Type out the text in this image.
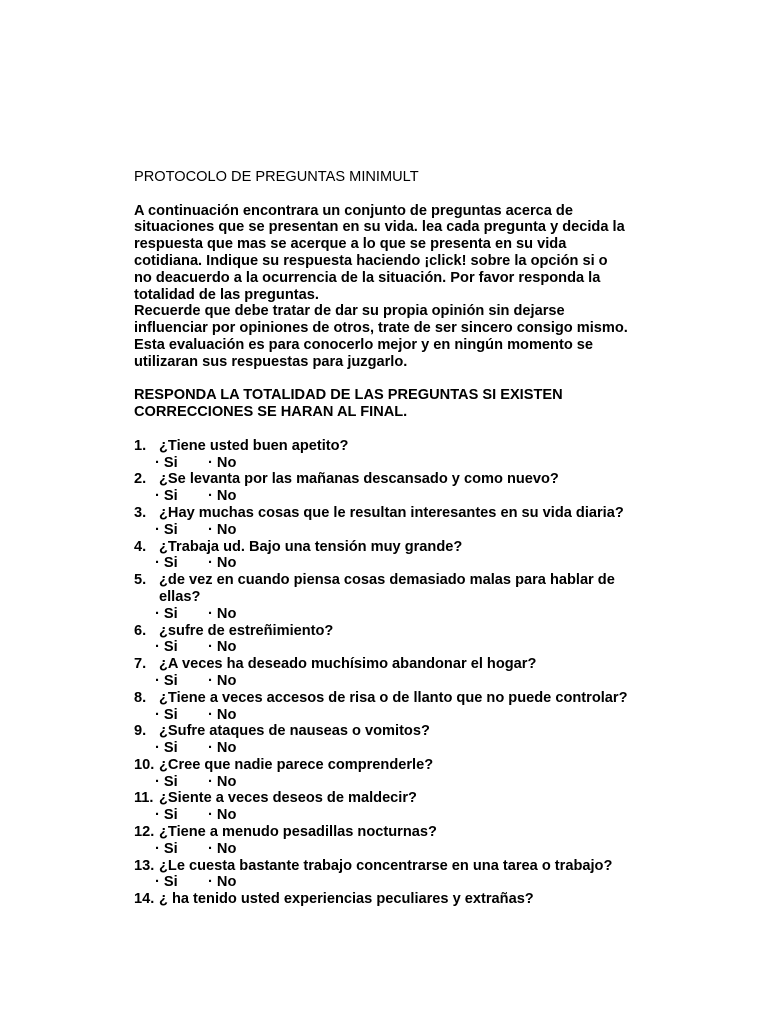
PROTOCOLO DE PREGUNTAS MINIMULT
A continuación encontrara un conjunto de preguntas acerca de
situaciones que se presentan en su vida. lea cada pregunta y decida la
respuesta que mas se acerque a lo que se presenta en su vida
cotidiana. Indique su respuesta haciendo ¡click! sobre la opción si o
no deacuerdo a la ocurrencia de la situación. Por favor responda la
totalidad de las preguntas.
Recuerde que debe tratar de dar su propia opinión sin dejarse
influenciar por opiniones de otros, trate de ser sincero consigo mismo.
Esta evaluación es para conocerlo mejor y en ningún momento se
utilizaran sus respuestas para juzgarlo.
RESPONDA LA TOTALIDAD DE LAS PREGUNTAS SI EXISTEN
CORRECCIONES SE HARAN AL FINAL.
1. ¿Tiene usted buen apetito?
· Si · No
2. ¿Se levanta por las mañanas descansado y como nuevo?
· Si · No
3. ¿Hay muchas cosas que le resultan interesantes en su vida diaria?
· Si · No
4. ¿Trabaja ud. Bajo una tensión muy grande?
· Si · No
5. ¿de vez en cuando piensa cosas demasiado malas para hablar de
ellas?
· Si · No
6. ¿sufre de estreñimiento?
· Si · No
7. ¿A veces ha deseado muchísimo abandonar el hogar?
· Si · No
8. ¿Tiene a veces accesos de risa o de llanto que no puede controlar?
· Si · No
9. ¿Sufre ataques de nauseas o vomitos?
· Si · No
10. ¿Cree que nadie parece comprenderle?
· Si · No
11. ¿Siente a veces deseos de maldecir?
· Si · No
12. ¿Tiene a menudo pesadillas nocturnas?
· Si · No
13. ¿Le cuesta bastante trabajo concentrarse en una tarea o trabajo?
· Si · No
14. ¿ ha tenido usted experiencias peculiares y extrañas?
